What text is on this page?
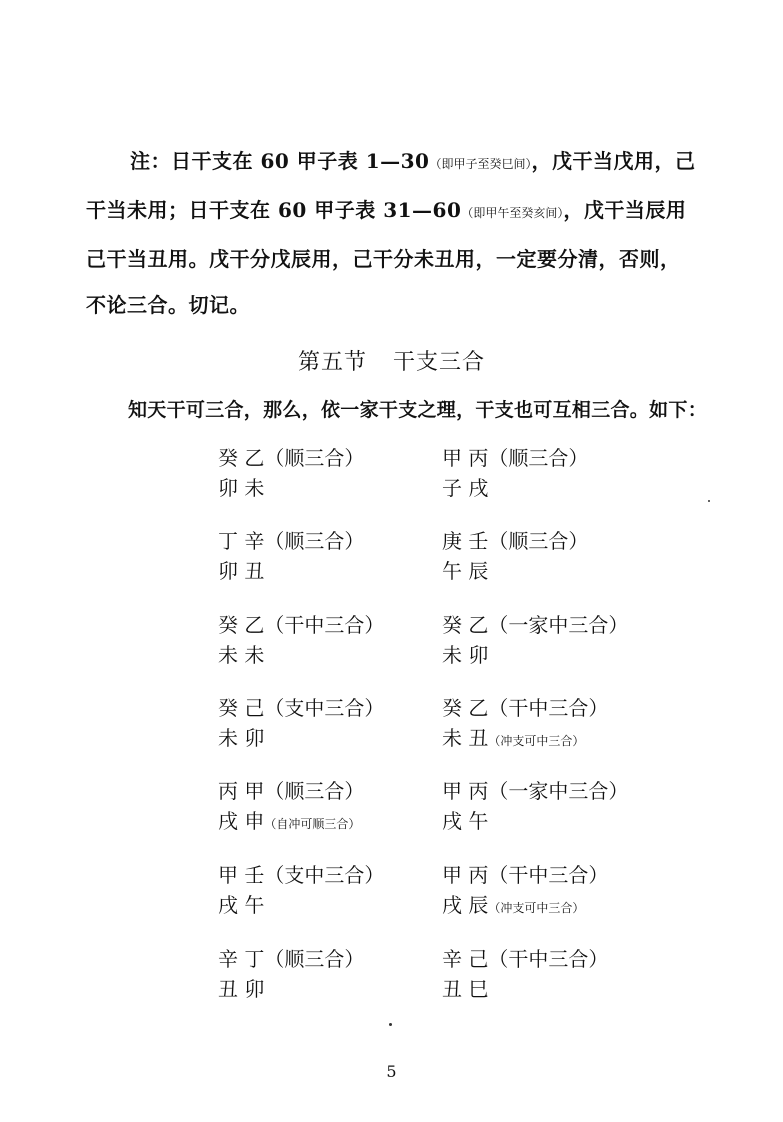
注：日干支在 60 甲子表 1—30（即甲子至癸巳间），戊干当戊用，己
干当未用；日干支在 60 甲子表 31—60（即甲午至癸亥间），戊干当辰用
己干当丑用。戊干分戊辰用，己干分未丑用，一定要分清，否则，
不论三合。切记。
第五节 干支三合
知天干可三合，那么，依一家干支之理，干支也可互相三合。如下：
癸 乙（顺三合）
卯 未
甲 丙（顺三合）
子 戌
丁 辛（顺三合）
卯 丑
庚 壬（顺三合）
午 辰
癸 乙（干中三合）
未 未
癸 乙（一家中三合）
未 卯
癸 己（支中三合）
未 卯
癸 乙（干中三合）
未 丑（冲支可中三合）
丙 甲（顺三合）
戌 申（自冲可顺三合）
甲 丙（一家中三合）
戌 午
甲 壬（支中三合）
戌 午
甲 丙（干中三合）
戌 辰（冲支可中三合）
辛 丁（顺三合）
丑 卯
辛 己（干中三合）
丑 巳
5
